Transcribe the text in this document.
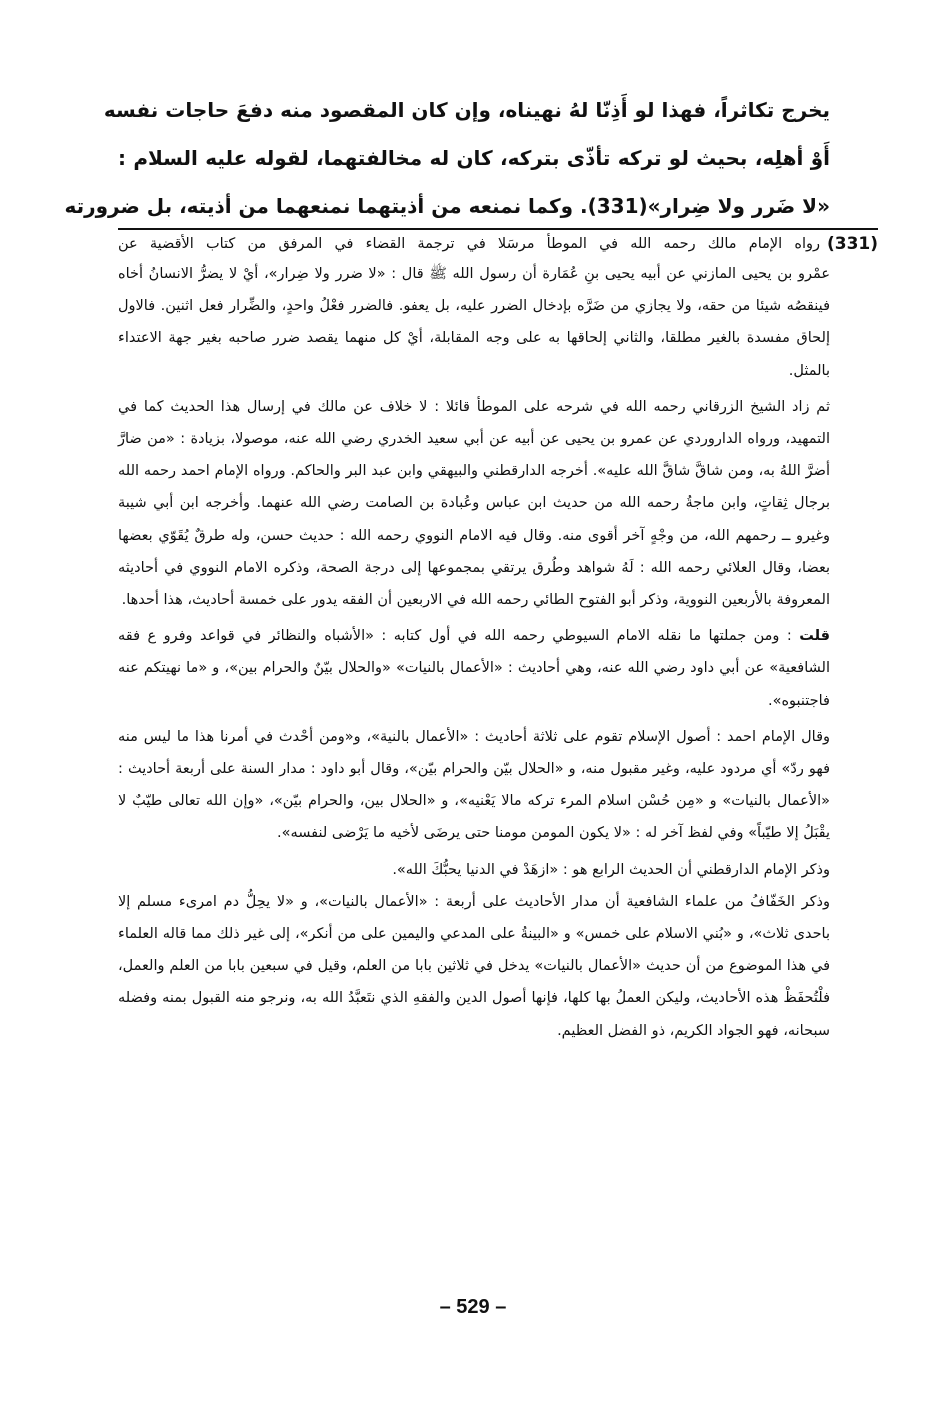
يخرج تكاثراً، فهذا لو أَذِنّا لهُ نهيناه، وإن كان المقصود منه دفعَ حاجات نفسه
أَوْ أهلِه، بحيث لو تركه تأذّى بتركه، كان له مخالفتهما، لقوله عليه السلام :
«لا ضَرر ولا ضِرار»(331). وكما نمنعه من أذيتهما نمنعهما من أذيته، بل ضرورته
(331)
رواه الإمام مالك رحمه الله في الموطأ مرسَلا في ترجمة القضاء في المرفق من كتاب الأقضية عن

عمْرو بن يحيى المازني عن أبيه يحيى بنِ عُمَارة أن رسول الله ﷺ قال : «لا ضرر ولا ضِرار»، أيْ لا يضرُّ الانسانُ أخاه فينقصُه شيئا من حقه، ولا يجازي من ضَرَّه بإدخال الضرر عليه، بل يعفو. فالضرر فعْلُ واحدٍ، والضِّرار فعل اثنين. فالاول إلحاق مفسدة بالغير مطلقا، والثاني إلحاقها به على وجه المقابلة، أيْ كل منهما يقصد ضرر صاحبه بغير جهة الاعتداء بالمثل.

ثم زاد الشيخ الزرقاني رحمه الله في شرحه على الموطأ قائلا : لا خلاف عن مالك في إرسال هذا الحديث كما في التمهيد، ورواه الداروردي عن عمرو بن يحيى عن أبيه عن أبي سعيد الخدري رضي الله عنه، موصولا، بزيادة : «من ضارَّ أضرَّ اللهُ به، ومن شاقَّ شاقَّ الله عليه». أخرجه الدارقطني والبيهقي وابن عبد البر والحاكم. ورواه الإمام احمد رحمه الله برجال ثِقاتٍ، وابن ماجةُ رحمه الله من حديث ابن عباس وعُبادة بن الصامت رضي الله عنهما. وأخرجه ابن أبي شيبة وغيرو ــ رحمهم الله، من وجْهٍ آخر أقوى منه. وقال فيه الامام النووي رحمه الله : حديث حسن، وله طرقٌ يُقَوّي بعضها بعضا، وقال العلائي رحمه الله : لَهُ شواهد وطُرق يرتقي بمجموعها إلى درجة الصحة، وذكره الامام النووي في أحاديثه المعروفة بالأربعين النووية، وذكر أبو الفتوح الطائي رحمه الله في الاربعين أن الفقه يدور على خمسة أحاديث، هذا أحدها.

قلت : ومن جملتها ما نقله الامام السيوطي رحمه الله في أول كتابه : «الأشباه والنظائر في قواعد وفرو ع فقه الشافعية» عن أبي داود رضي الله عنه، وهي أحاديث : «الأعمال بالنيات» «والحلال بيّنٌ والحرام بين»، و «ما نهيتكم عنه فاجتنبوه».

وقال الإمام احمد : أصول الإسلام تقوم على ثلاثة أحاديث : «الأعمال بالنية»، و«ومن أحْدث في أمرنا هذا ما ليس منه فهو ردّ» أي مردود عليه، وغير مقبول منه، و «الحلال بيّن والحرام بيّن»، وقال أبو داود : مدار السنة على أربعة أحاديث : «الأعمال بالنيات» و «مِن حُسْن اسلام المرء تركه مالا يَعْنيه»، و «الحلال بين، والحرام بيّن»، «وإن الله تعالى طيّبٌ لا يقْبَلُ إلا طيّباً» وفي لفظ آخر له : «لا يكون المومن مومنا حتى يرضَى لأخيه ما يَرْضى لنفسه».

وذكر الإمام الدارقطني أن الحديث الرابع هو : «ازهَدْ في الدنيا يحبُّكَ الله».

وذكر الخَفّافُ من علماء الشافعية أن مدار الأحاديث على أربعة : «الأعمال بالنيات»، و «لا يحِلُّ دم امرىء مسلم إلا باحدى ثلاث»، و «بُني الاسلام على خمس» و «البينةُ على المدعي واليمين على من أنكر»، إلى غير ذلك مما قاله العلماء في هذا الموضوع من أن حديث «الأعمال بالنيات» يدخل في ثلاثين بابا من العلم، وقيل في سبعين بابا من العلم والعمل، فلْتُحفَظْ هذه الأحاديث، وليكن العملُ بها كلها، فإنها أصول الدين والفقهِ الذي نتَعبَّدُ الله به، ونرجو منه القبول بمنه وفضله سبحانه، فهو الجواد الكريم، ذو الفضل العظيم.

– 529 –
